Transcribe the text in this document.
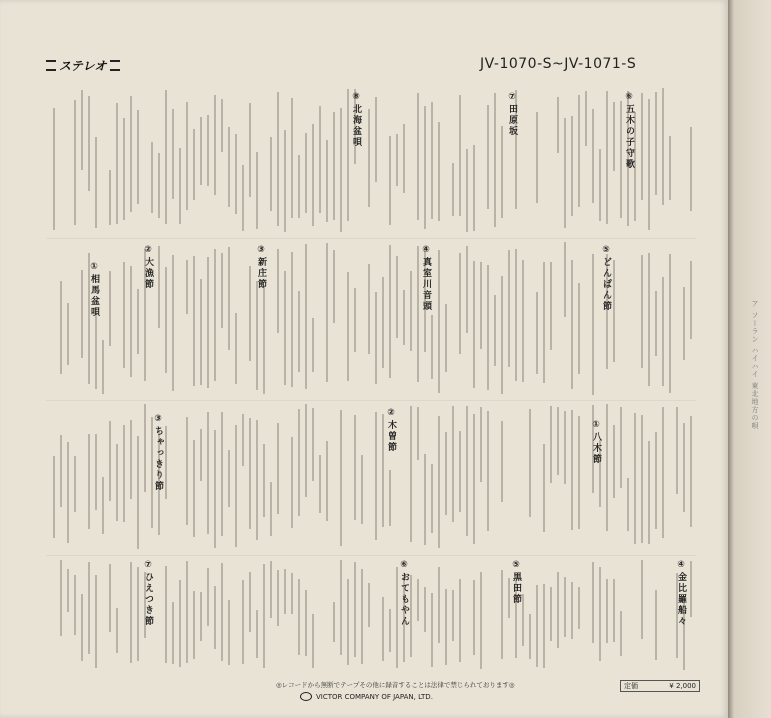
ア ソーラン ハイハイ 東北地方の唄
ステレオ	JV-1070-S~JV-1071-S
⑥五木の子守歌
⑤どんぱん節
④真室川音頭
③新庄節
②大漁節
①相馬盆唄
⑦田原坂
⑧北海盆唄
①八木節
②木曽節
③ちゃっきり節
④金比羅船々
⑤黒田節
⑥おてもやん
⑦ひえつき節
◎レコードから無断でテープその他に録音することは法律で禁じられております◎
VICTOR COMPANY OF JAPAN, LTD.
定価	¥ 2,000
